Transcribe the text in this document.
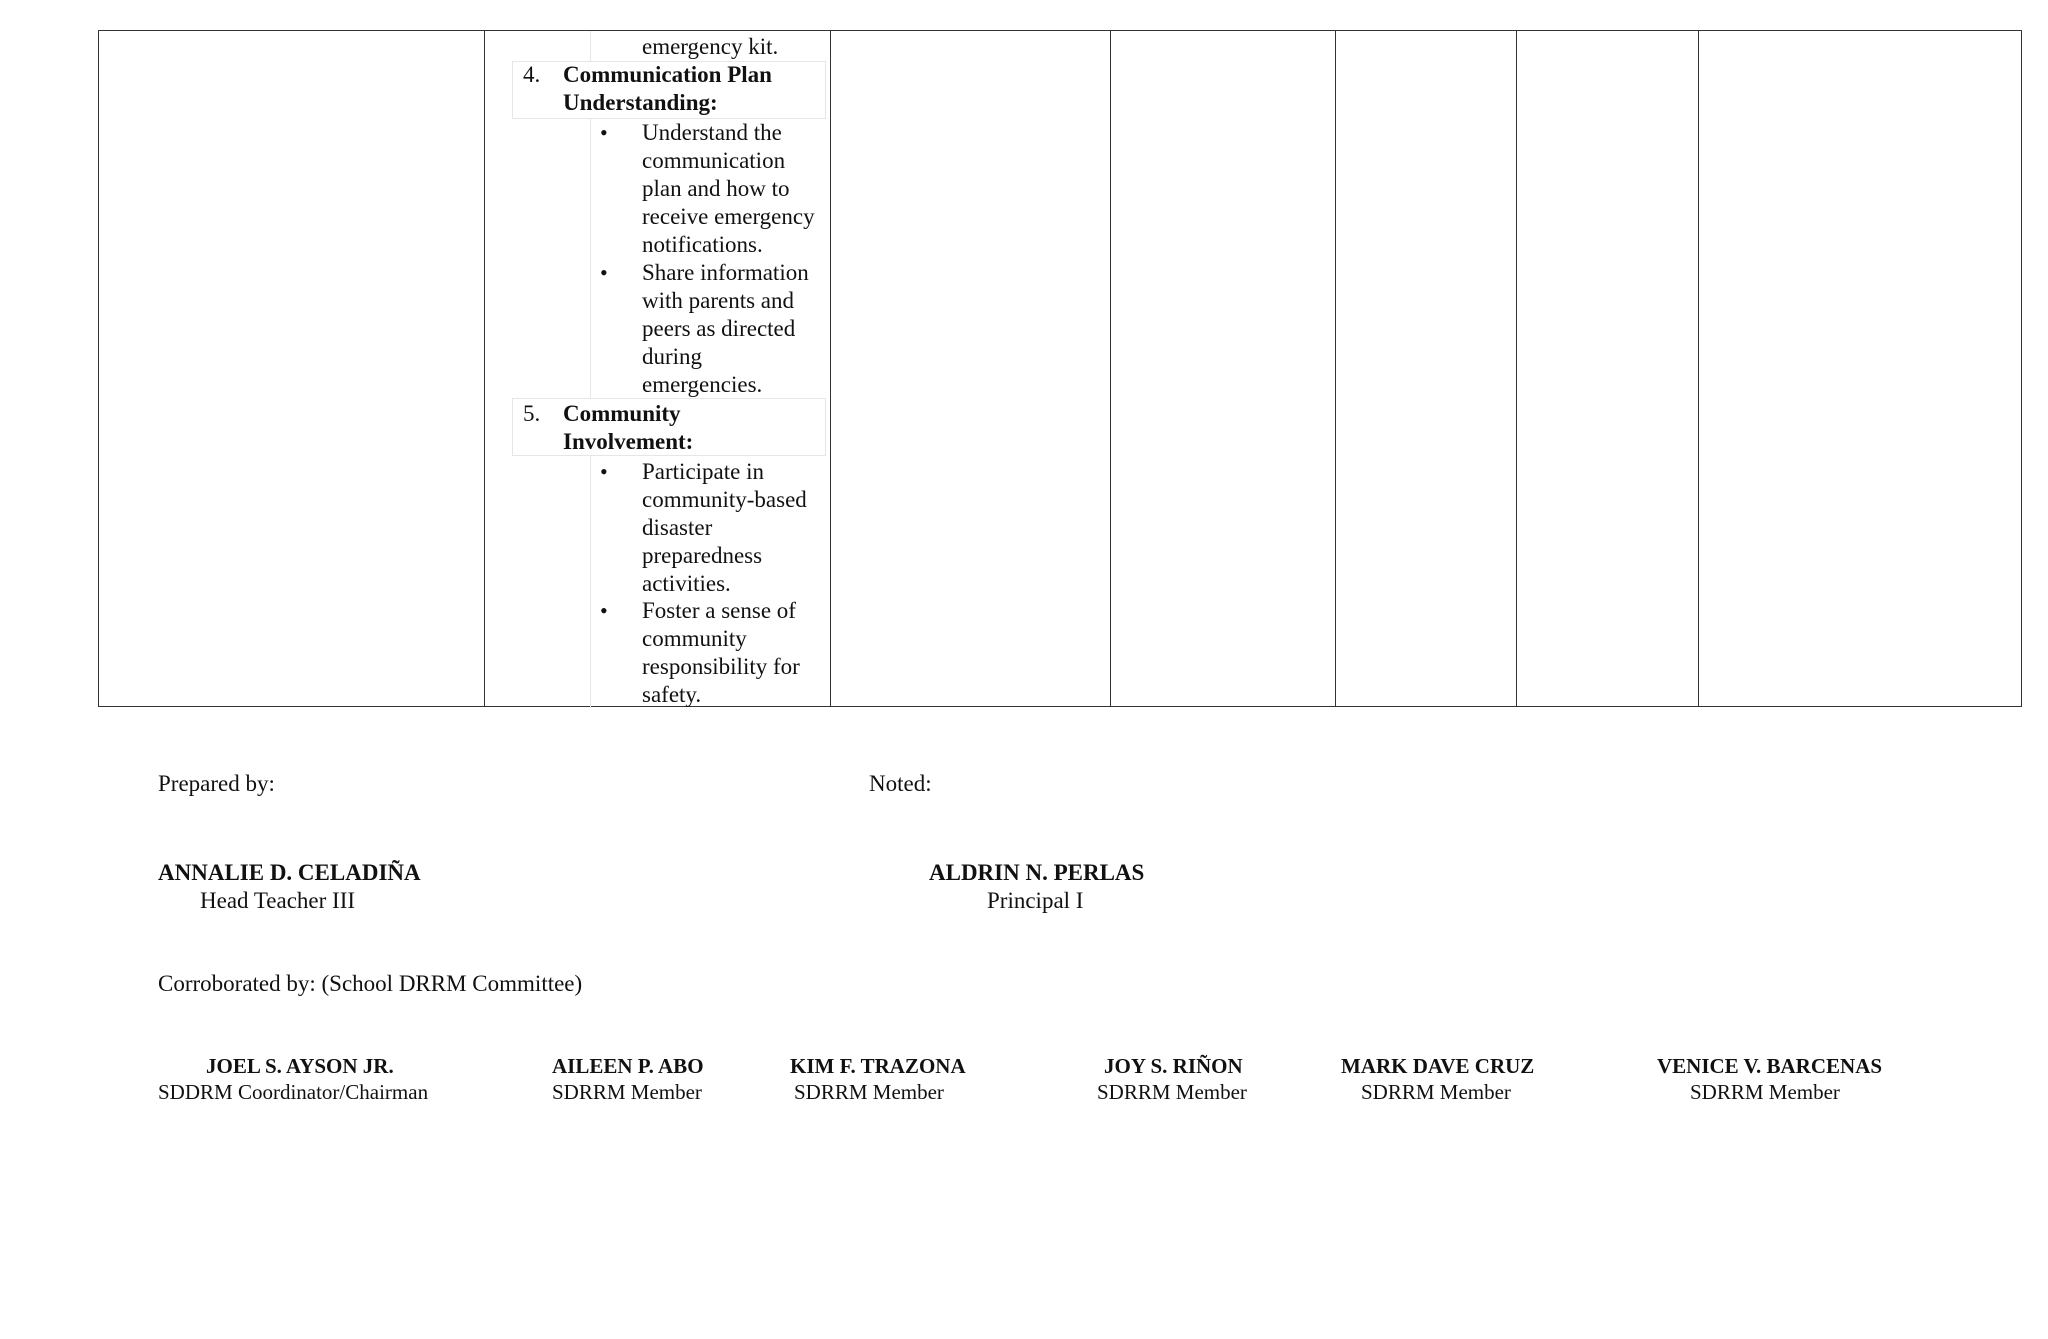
emergency kit.
4. Communication Plan
Understanding:
• Understand the
communication
plan and how to
receive emergency
notifications.
• Share information
with parents and
peers as directed
during
emergencies.
5. Community
Involvement:
• Participate in
community-based
disaster
preparedness
activities.
• Foster a sense of
community
responsibility for
safety.
Prepared by:	Noted:
ANNALIE D. CELADIÑA
Head Teacher III
ALDRIN N. PERLAS
Principal I
Corroborated by: (School DRRM Committee)
JOEL S. AYSON JR.
SDDRM Coordinator/Chairman
AILEEN P. ABO
SDRRM Member
KIM F. TRAZONA
SDRRM Member
JOY S. RIÑON
SDRRM Member
MARK DAVE CRUZ
SDRRM Member
VENICE V. BARCENAS
SDRRM Member
